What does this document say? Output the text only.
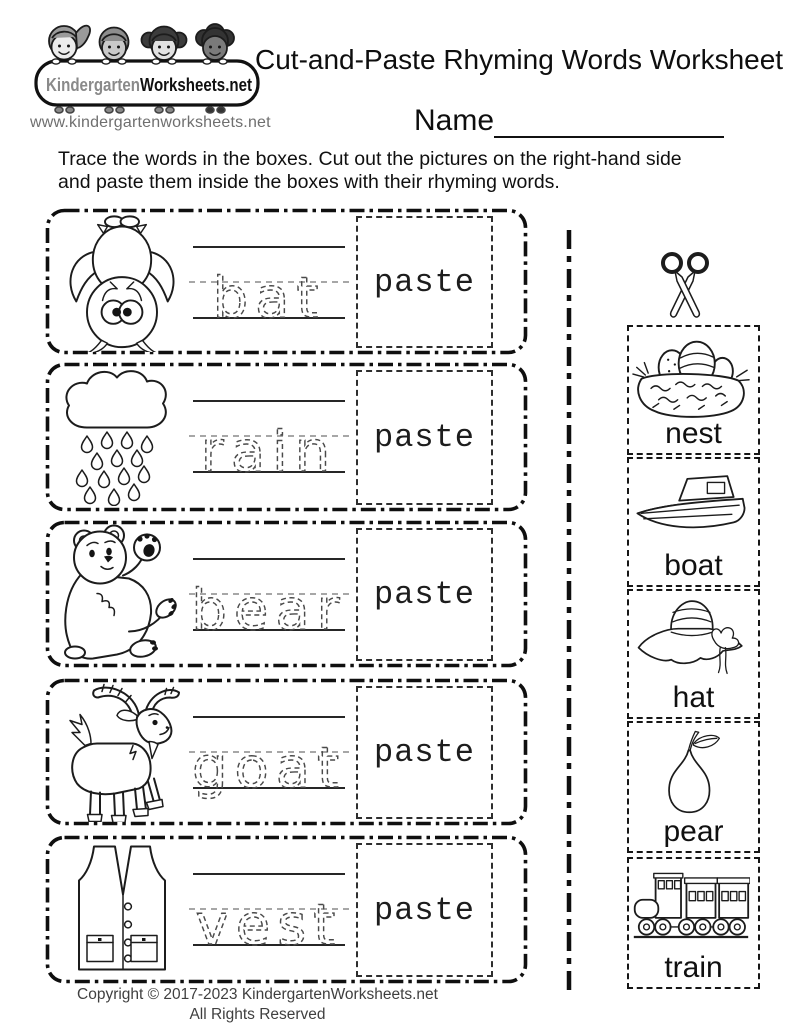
Kindergarten Worksheets.net
www.kindergartenworksheets.net
Cut-and-Paste Rhyming Words Worksheet
Name
Trace the words in the boxes. Cut out the pictures on the right-hand side
and paste them inside the boxes with their rhyming words.
bat paste
rain paste
bear paste
goat paste
vest paste
nest
boat
hat
pear
train
Copyright © 2017-2023 KindergartenWorksheets.net
All Rights Reserved
